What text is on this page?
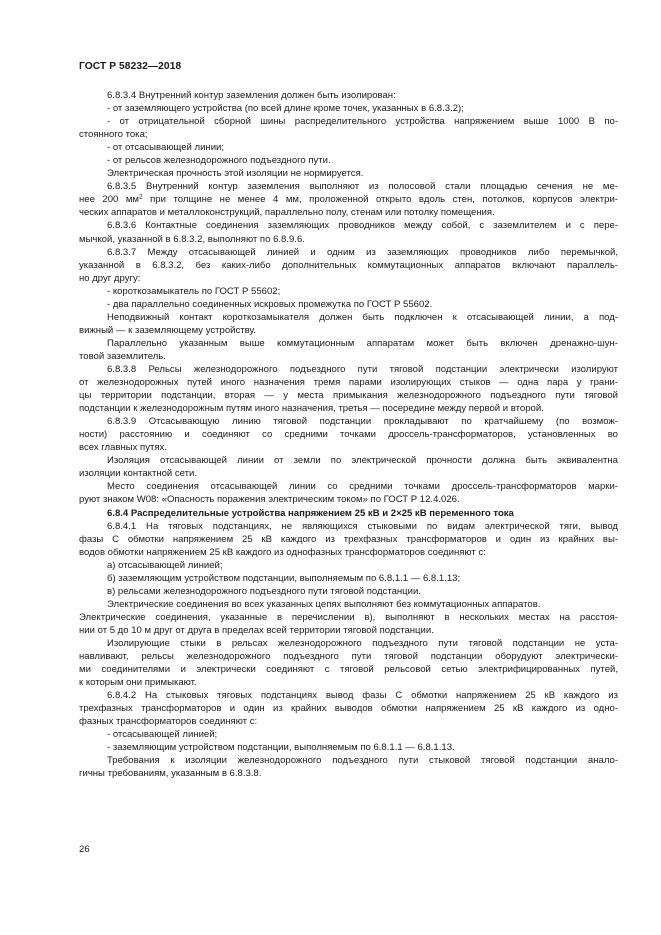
ГОСТ Р 58232—2018
6.8.3.4 Внутренний контур заземления должен быть изолирован:
- от заземляющего устройства (по всей длине кроме точек, указанных в 6.8.3.2);
- от отрицательной сборной шины распределительного устройства напряжением выше 1000 В по-
стоянного тока;
- от отсасывающей линии;
- от рельсов железнодорожного подъездного пути.
Электрическая прочность этой изоляции не нормируется.
6.8.3.5 Внутренний контур заземления выполняют из полосовой стали площадью сечения не ме-
нее 200 $мм^2$ при толщине не менее 4 мм, проложенной открыто вдоль стен, потолков, корпусов электри-
ческих аппаратов и металлоконструкций, параллельно полу, стенам или потолку помещения.
6.8.3.6 Контактные соединения заземляющих проводников между собой, с заземлителем и с пере-
мычкой, указанной в 6.8.3.2, выполняют по 6.8.9.6.
6.8.3.7 Между отсасывающей линией и одним из заземляющих проводников либо перемычкой,
указанной в 6.8.3.2, без каких-либо дополнительных коммутационных аппаратов включают параллель-
но друг другу:
- короткозамыкатель по ГОСТ Р 55602;
- два параллельно соединенных искровых промежутка по ГОСТ Р 55602.
Неподвижный контакт короткозамыкателя должен быть подключен к отсасывающей линии, а под-
вижный — к заземляющему устройству.
Параллельно указанным выше коммутационным аппаратам может быть включен дренажно-шун-
товой заземлитель.
6.8.3.8 Рельсы железнодорожного подъездного пути тяговой подстанции электрически изолируют
от железнодорожных путей иного назначения тремя парами изолирующих стыков — одна пара у грани-
цы территории подстанции, вторая — у места примыкания железнодорожного подъездного пути тяговой
подстанции к железнодорожным путям иного назначения, третья — посередине между первой и второй.
6.8.3.9 Отсасывающую линию тяговой подстанции прокладывают по кратчайшему (по возмож-
ности) расстоянию и соединяют со средними точками дроссель-трансформаторов, установленных во
всех главных путях.
Изоляция отсасывающей линии от земли по электрической прочности должна быть эквивалентна
изоляции контактной сети.
Место соединения отсасывающей линии со средними точками дроссель-трансформаторов марки-
руют знаком W08: «Опасность поражения электрическим током» по ГОСТ Р 12.4.026.
6.8.4 Распределительные устройства напряжением 25 кВ и 2×25 кВ переменного тока
6.8.4.1 На тяговых подстанциях, не являющихся стыковыми по видам электрической тяги, вывод
фазы С обмотки напряжением 25 кВ каждого из трехфазных трансформаторов и один из крайних вы-
водов обмотки напряжением 25 кВ каждого из однофазных трансформаторов соединяют с:
а) отсасывающей линией;
б) заземляющим устройством подстанции, выполняемым по 6.8.1.1 — 6.8.1.13;
в) рельсами железнодорожного подъездного пути тяговой подстанции.
Электрические соединения во всех указанных цепях выполняют без коммутационных аппаратов.
Электрические соединения, указанные в перечислении в), выполняют в нескольких местах на расстоя-
нии от 5 до 10 м друг от друга в пределах всей территории тяговой подстанции.
Изолирующие стыки в рельсах железнодорожного подъездного пути тяговой подстанции не уста-
навливают, рельсы железнодорожного подъездного пути тяговой подстанции оборудуют электрически-
ми соединителями и электрически соединяют с тяговой рельсовой сетью электрифицированных путей,
к которым они примыкают.
6.8.4.2 На стыковых тяговых подстанциях вывод фазы С обмотки напряжением 25 кВ каждого из
трехфазных трансформаторов и один из крайних выводов обмотки напряжением 25 кВ каждого из одно-
фазных трансформаторов соединяют с:
- отсасывающей линией;
- заземляющим устройством подстанции, выполняемым по 6.8.1.1 — 6.8.1.13.
Требования к изоляции железнодорожного подъездного пути стыковой тяговой подстанции анало-
гичны требованиям, указанным в 6.8.3.8.
26
